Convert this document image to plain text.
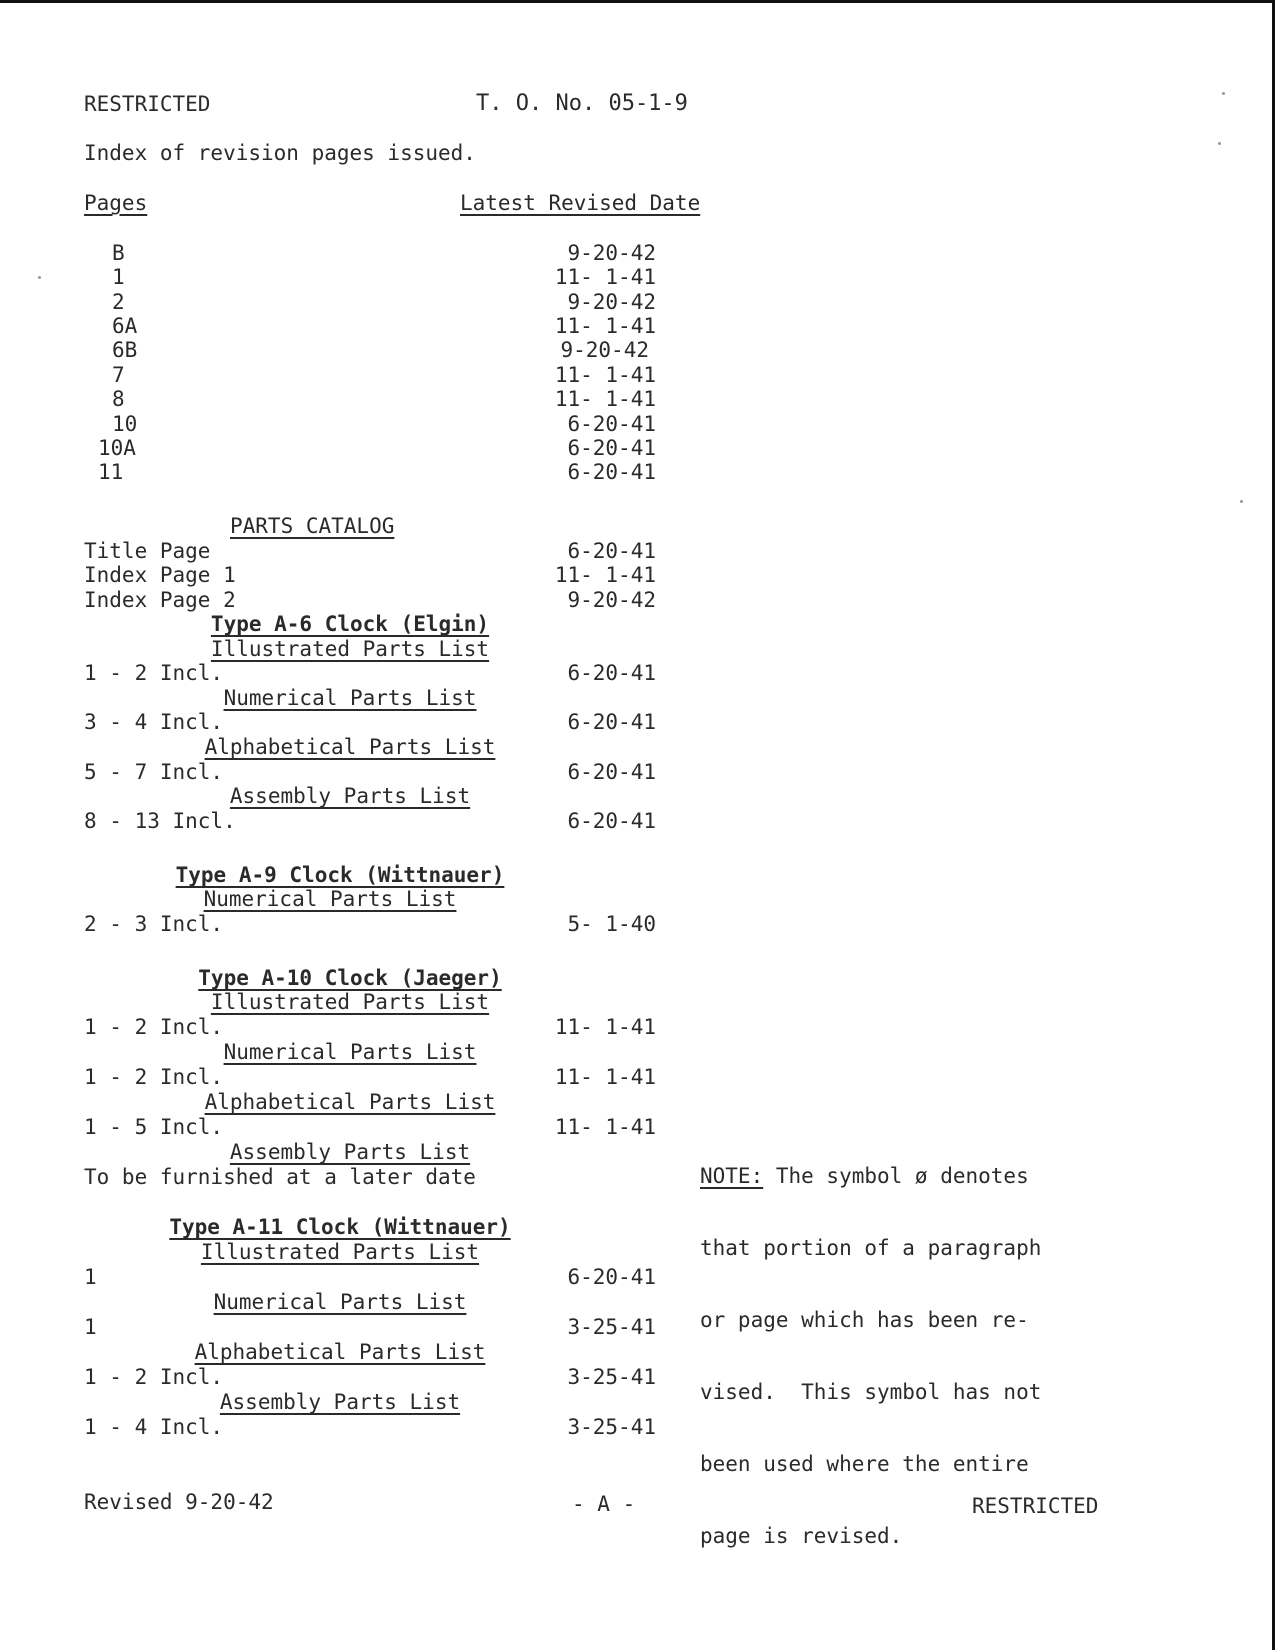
RESTRICTED	T. O. No. 05-1-9
Index of revision pages issued.
Pages	Latest Revised Date
B	9-20-42
1	11- 1-41
2	9-20-42
6A	11- 1-41
6B	9-20-42
7	11- 1-41
8	11- 1-41
10	6-20-41
10A	6-20-41
11	6-20-41
PARTS CATALOG
Title Page	6-20-41
Index Page 1	11- 1-41
Index Page 2	9-20-42
Type A-6 Clock (Elgin)
Illustrated Parts List
1 - 2 Incl.	6-20-41
Numerical Parts List
3 - 4 Incl.	6-20-41
Alphabetical Parts List
5 - 7 Incl.	6-20-41
Assembly Parts List
8 - 13 Incl.	6-20-41
Type A-9 Clock (Wittnauer)
Numerical Parts List
2 - 3 Incl.	5- 1-40
Type A-10 Clock (Jaeger)
Illustrated Parts List
1 - 2 Incl.	11- 1-41
Numerical Parts List
1 - 2 Incl.	11- 1-41
Alphabetical Parts List
1 - 5 Incl.	11- 1-41
Assembly Parts List
To be furnished at a later date
Type A-11 Clock (Wittnauer)
Illustrated Parts List
1	6-20-41
Numerical Parts List
1	3-25-41
Alphabetical Parts List
1 - 2 Incl.	3-25-41
Assembly Parts List
1 - 4 Incl.	3-25-41

NOTE: The symbol ø denotes

that portion of a paragraph

or page which has been re-

vised.  This symbol has not

been used where the entire

page is revised.

Revised 9-20-42	- A -	RESTRICTED
